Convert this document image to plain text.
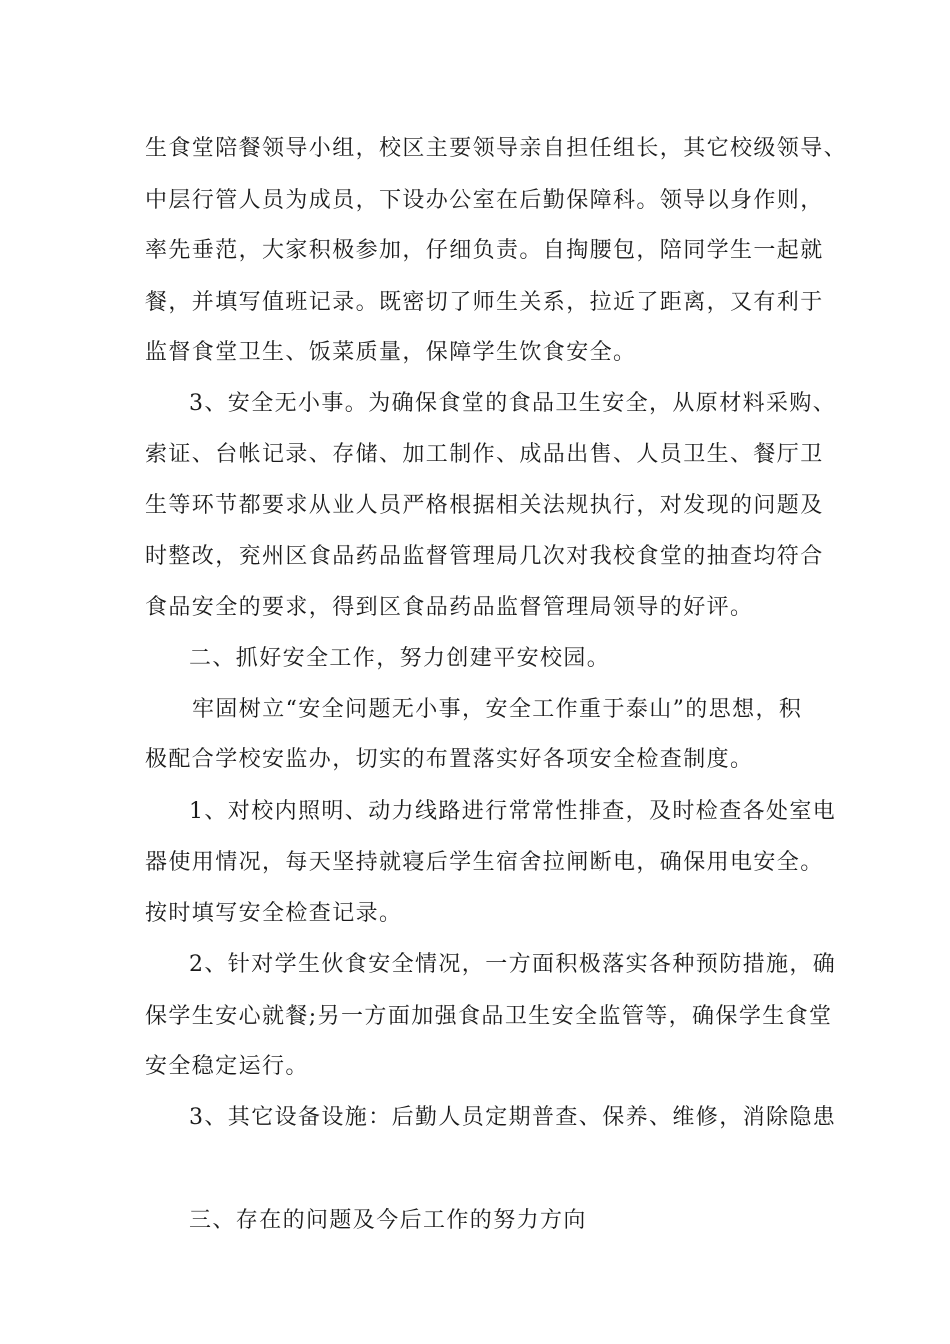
生食堂陪餐领导小组，校区主要领导亲自担任组长，其它校级领导、
中层行管人员为成员，下设办公室在后勤保障科。领导以身作则，
率先垂范，大家积极参加，仔细负责。自掏腰包，陪同学生一起就
餐，并填写值班记录。既密切了师生关系，拉近了距离，又有利于
监督食堂卫生、饭菜质量，保障学生饮食安全。
3、安全无小事。为确保食堂的食品卫生安全，从原材料采购、
索证、台帐记录、存储、加工制作、成品出售、人员卫生、餐厅卫
生等环节都要求从业人员严格根据相关法规执行，对发现的问题及
时整改，兖州区食品药品监督管理局几次对我校食堂的抽查均符合
食品安全的要求，得到区食品药品监督管理局领导的好评。
二、抓好安全工作，努力创建平安校园。
牢固树立“安全问题无小事，安全工作重于泰山”的思想，积
极配合学校安监办，切实的布置落实好各项安全检查制度。
1、对校内照明、动力线路进行常常性排查，及时检查各处室电
器使用情况，每天坚持就寝后学生宿舍拉闸断电，确保用电安全。
按时填写安全检查记录。
2、针对学生伙食安全情况，一方面积极落实各种预防措施，确
保学生安心就餐;另一方面加强食品卫生安全监管等，确保学生食堂
安全稳定运行。
3、其它设备设施：后勤人员定期普查、保养、维修，消除隐患
三、存在的问题及今后工作的努力方向
